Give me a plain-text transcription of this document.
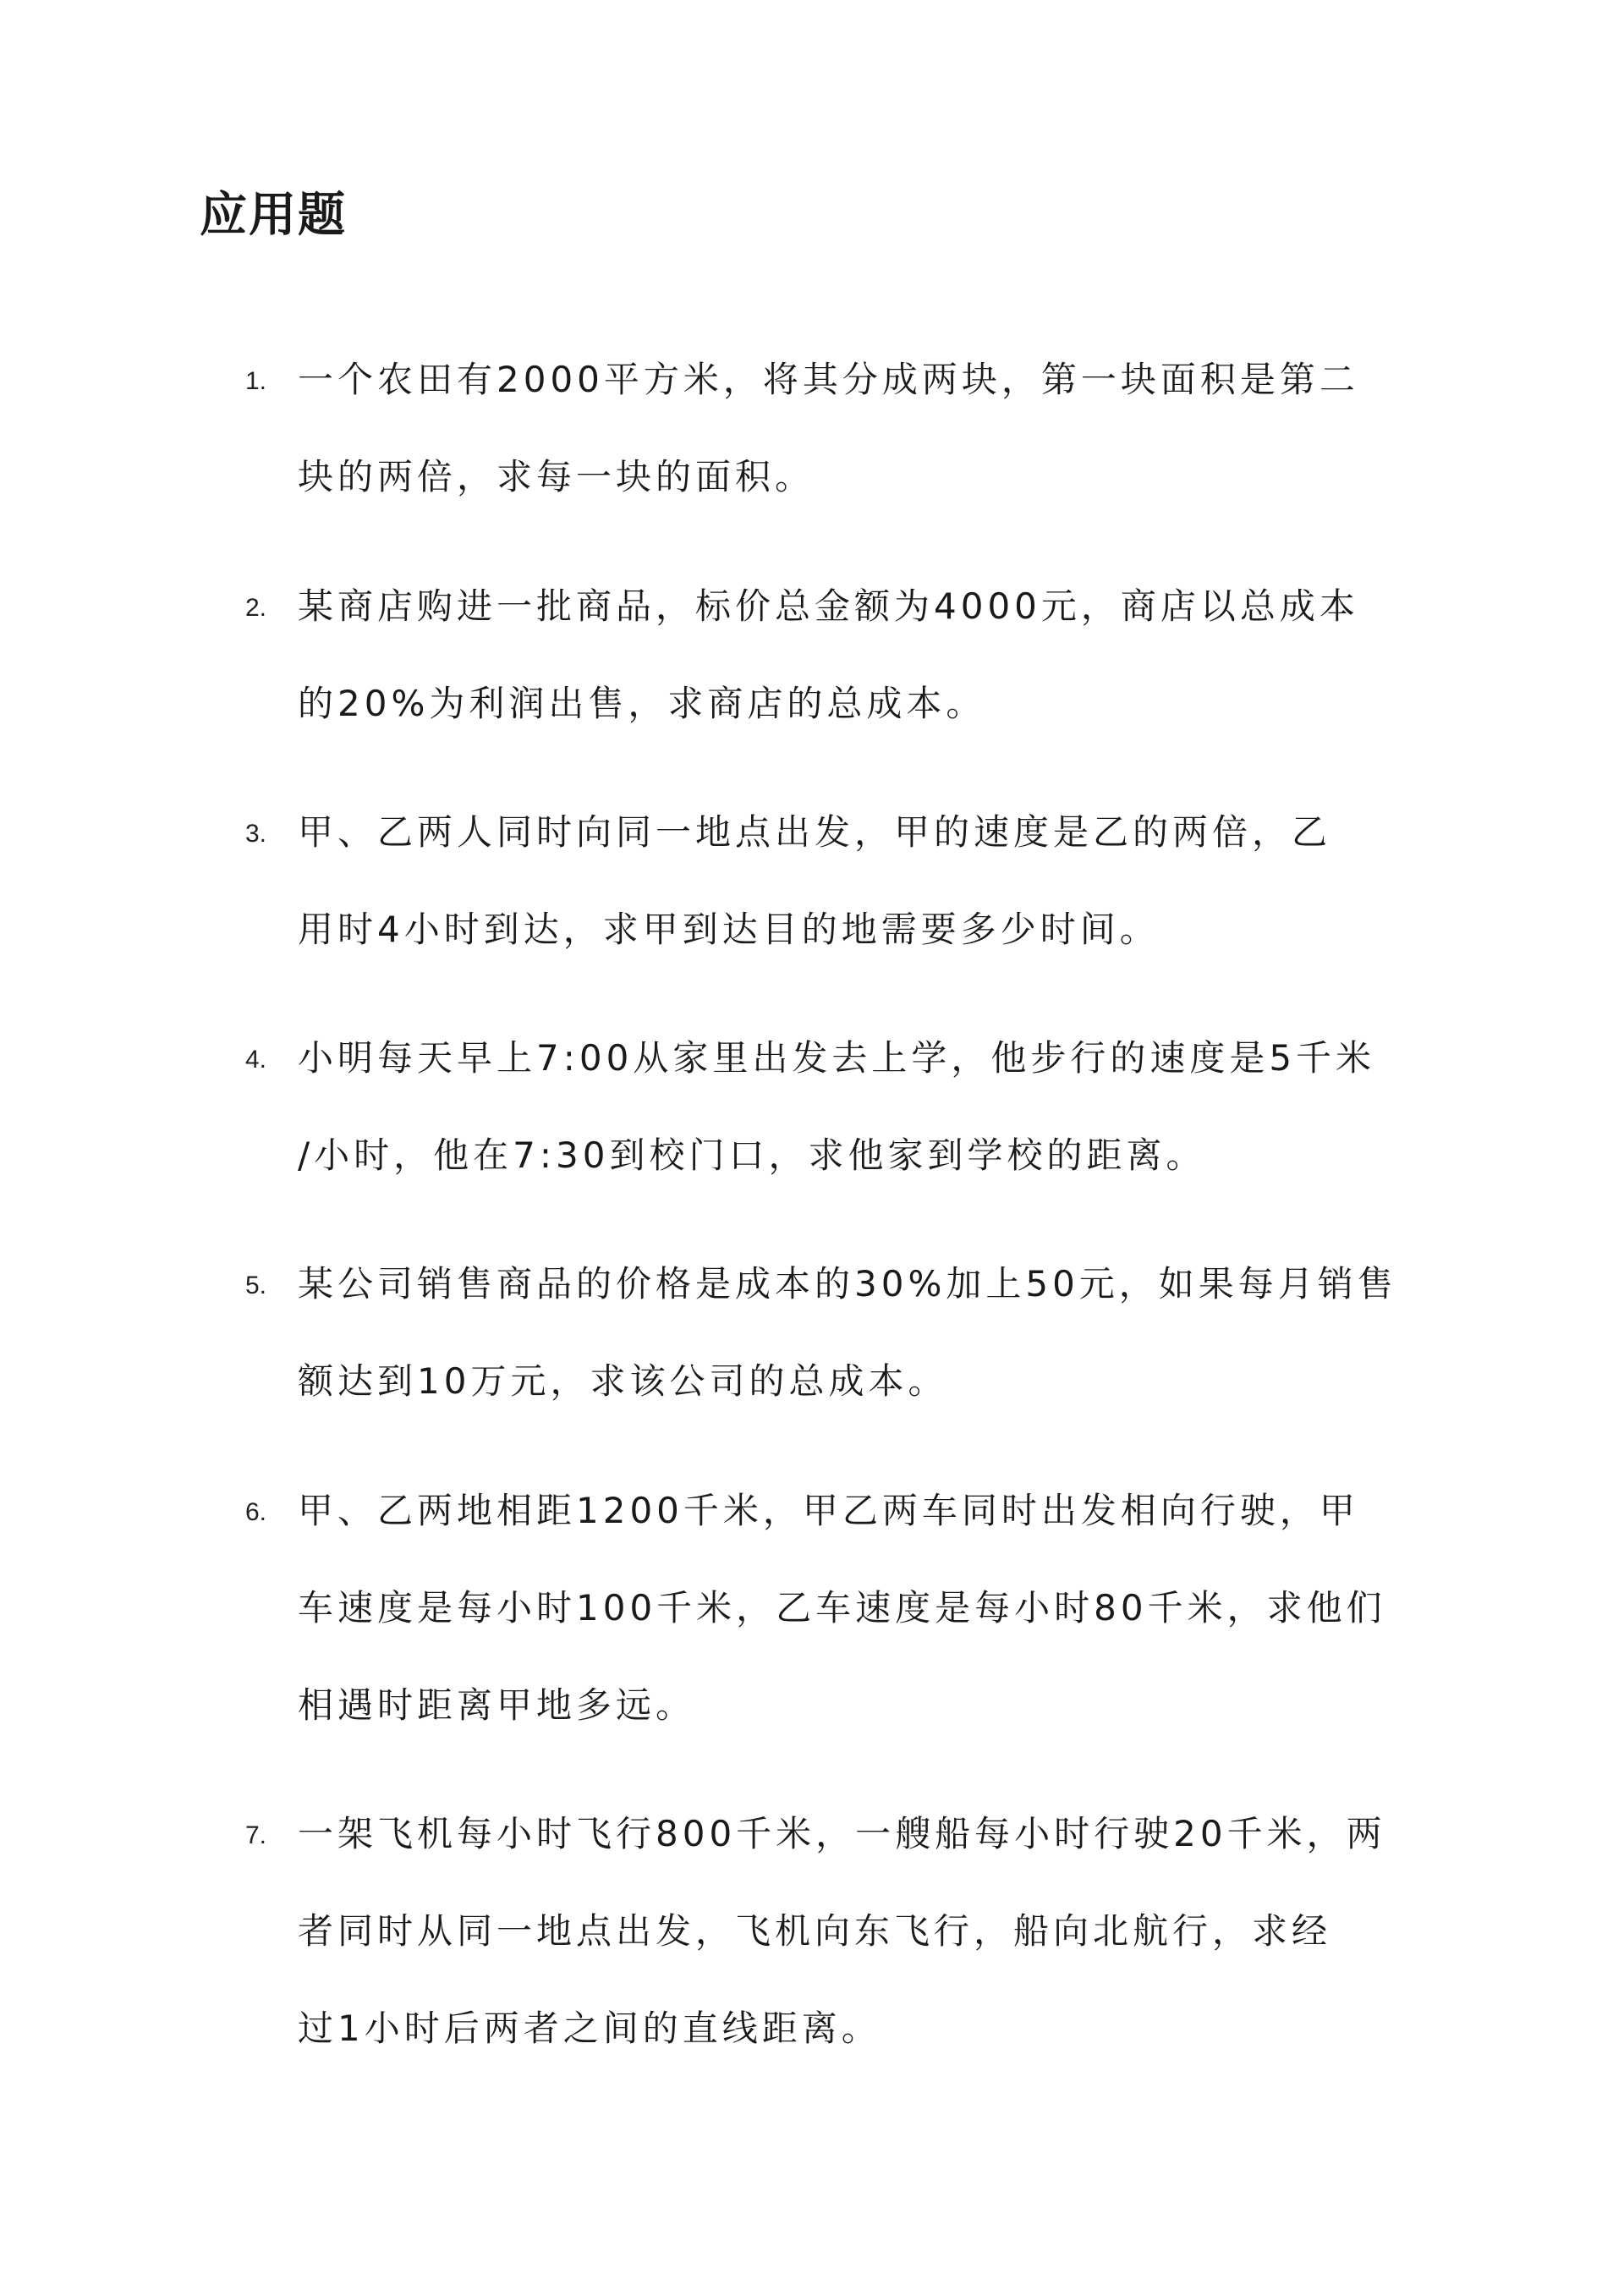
应用题
1. 一个农田有2000平方米，将其分成两块，第一块面积是第二
块的两倍，求每一块的面积。
2. 某商店购进一批商品，标价总金额为4000元，商店以总成本
的20%为利润出售，求商店的总成本。
3. 甲、乙两人同时向同一地点出发，甲的速度是乙的两倍，乙
用时4小时到达，求甲到达目的地需要多少时间。
4. 小明每天早上7:00从家里出发去上学，他步行的速度是5千米
/小时，他在7:30到校门口，求他家到学校的距离。
5. 某公司销售商品的价格是成本的30%加上50元，如果每月销售
额达到10万元，求该公司的总成本。
6. 甲、乙两地相距1200千米，甲乙两车同时出发相向行驶，甲
车速度是每小时100千米，乙车速度是每小时80千米，求他们
相遇时距离甲地多远。
7. 一架飞机每小时飞行800千米，一艘船每小时行驶20千米，两
者同时从同一地点出发，飞机向东飞行，船向北航行，求经
过1小时后两者之间的直线距离。
